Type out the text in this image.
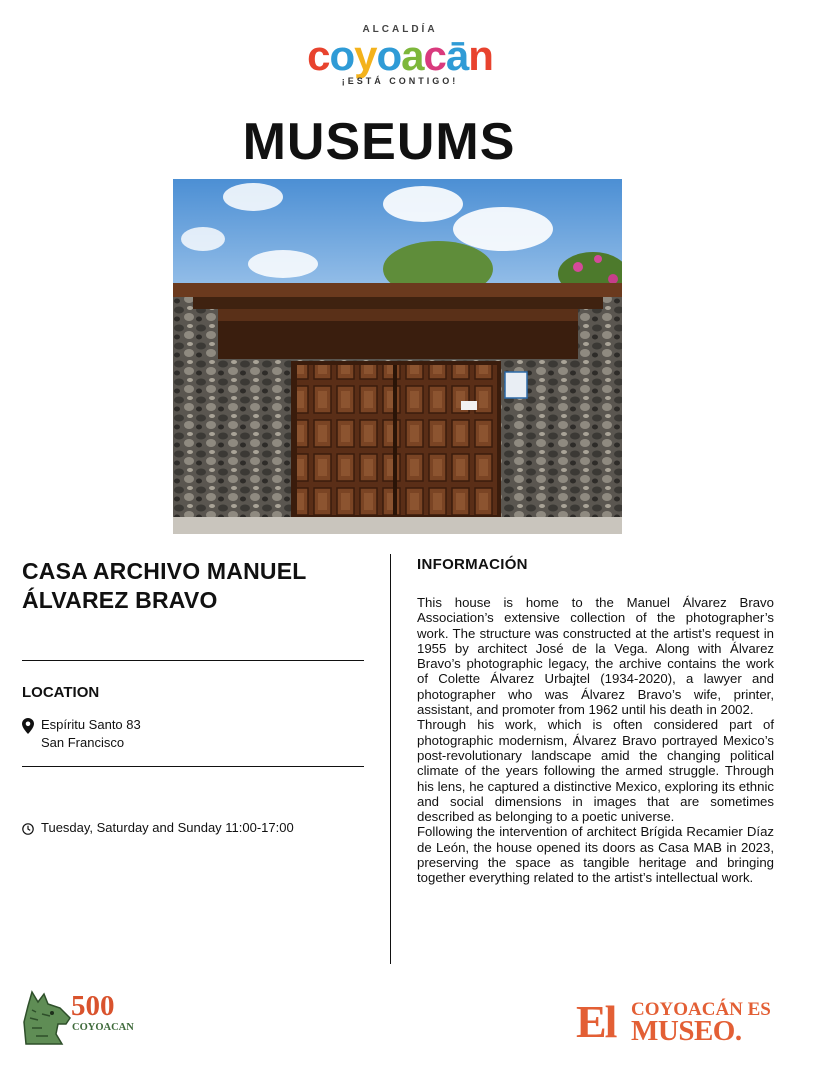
ALCALDÍA
coyoacān
¡ESTÁ CONTIGO!
MUSEUMS
CASA ARCHIVO MANUEL ÁLVAREZ BRAVO
LOCATION
Espíritu Santo 83
San Francisco
Tuesday, Saturday and Sunday 11:00-17:00
INFORMACIÓN

This house is home to the Manuel Álvarez Bravo Association’s extensive collection of the photographer’s work. The structure was constructed at the artist’s request in 1955 by architect José de la Vega. Along with Álvarez Bravo’s photographic legacy, the archive contains the work of Colette Álvarez Urbajtel (1934-2020), a lawyer and photographer who was Álvarez Bravo’s wife, printer, assistant, and promoter from 1962 until his death in 2002.

Through his work, which is often considered part of photographic modernism, Álvarez Bravo portrayed Mexico’s post-revolutionary landscape amid the changing political climate of the years following the armed struggle. Through his lens, he captured a distinctive Mexico, exploring its ethnic and social dimensions in images that are sometimes described as belonging to a poetic universe.

Following the intervention of architect Brígida Recamier Díaz de León, the house opened its doors as Casa MAB in 2023, preserving the space as tangible heritage and bringing together everything related to the artist’s intellectual work.

500
COYOACAN	El COYOACÁN ES
MUSEO.
